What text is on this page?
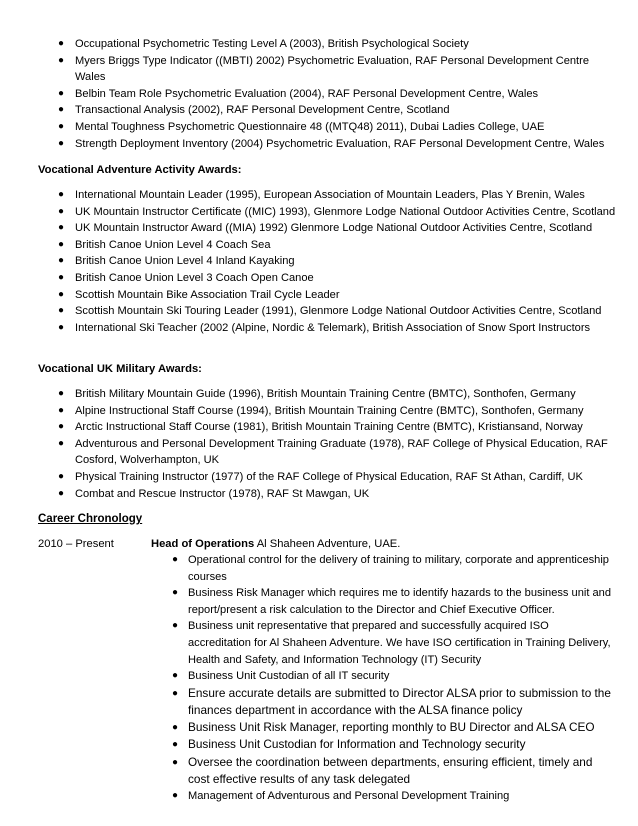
● Occupational Psychometric Testing Level A (2003), British Psychological Society
● Myers Briggs Type Indicator ((MBTI) 2002) Psychometric Evaluation, RAF Personal Development Centre Wales
● Belbin Team Role Psychometric Evaluation (2004), RAF Personal Development Centre, Wales
● Transactional Analysis (2002), RAF Personal Development Centre, Scotland
● Mental Toughness Psychometric Questionnaire 48 ((MTQ48) 2011), Dubai Ladies College, UAE
● Strength Deployment Inventory (2004) Psychometric Evaluation, RAF Personal Development Centre, Wales
Vocational Adventure Activity Awards:
● International Mountain Leader (1995), European Association of Mountain Leaders, Plas Y Brenin, Wales
● UK Mountain Instructor Certificate ((MIC) 1993), Glenmore Lodge National Outdoor Activities Centre, Scotland
● UK Mountain Instructor Award ((MIA) 1992) Glenmore Lodge National Outdoor Activities Centre, Scotland
● British Canoe Union Level 4 Coach Sea
● British Canoe Union Level 4 Inland Kayaking
● British Canoe Union Level 3 Coach Open Canoe
● Scottish Mountain Bike Association Trail Cycle Leader
● Scottish Mountain Ski Touring Leader (1991), Glenmore Lodge National Outdoor Activities Centre, Scotland
● International Ski Teacher (2002 (Alpine, Nordic & Telemark), British Association of Snow Sport Instructors
Vocational UK Military Awards:
● British Military Mountain Guide (1996), British Mountain Training Centre (BMTC), Sonthofen, Germany
● Alpine Instructional Staff Course (1994), British Mountain Training Centre (BMTC), Sonthofen, Germany
● Arctic Instructional Staff Course (1981), British Mountain Training Centre (BMTC), Kristiansand, Norway
● Adventurous and Personal Development Training Graduate (1978), RAF College of Physical Education, RAF Cosford, Wolverhampton, UK
● Physical Training Instructor (1977) of the RAF College of Physical Education, RAF St Athan, Cardiff, UK
● Combat and Rescue Instructor (1978), RAF St Mawgan, UK
Career Chronology
2010 – Present	Head of Operations Al Shaheen Adventure, UAE.
● Operational control for the delivery of training to military, corporate and apprenticeship courses
● Business Risk Manager which requires me to identify hazards to the business unit and report/present a risk calculation to the Director and Chief Executive Officer.
● Business unit representative that prepared and successfully acquired ISO accreditation for Al Shaheen Adventure. We have ISO certification in Training Delivery, Health and Safety, and Information Technology (IT) Security
● Business Unit Custodian of all IT security
● Ensure accurate details are submitted to Director ALSA prior to submission to the finances department in accordance with the ALSA finance policy
● Business Unit Risk Manager, reporting monthly to BU Director and ALSA CEO
● Business Unit Custodian for Information and Technology security
● Oversee the coordination between departments, ensuring efficient, timely and cost effective results of any task delegated
● Management of Adventurous and Personal Development Training
